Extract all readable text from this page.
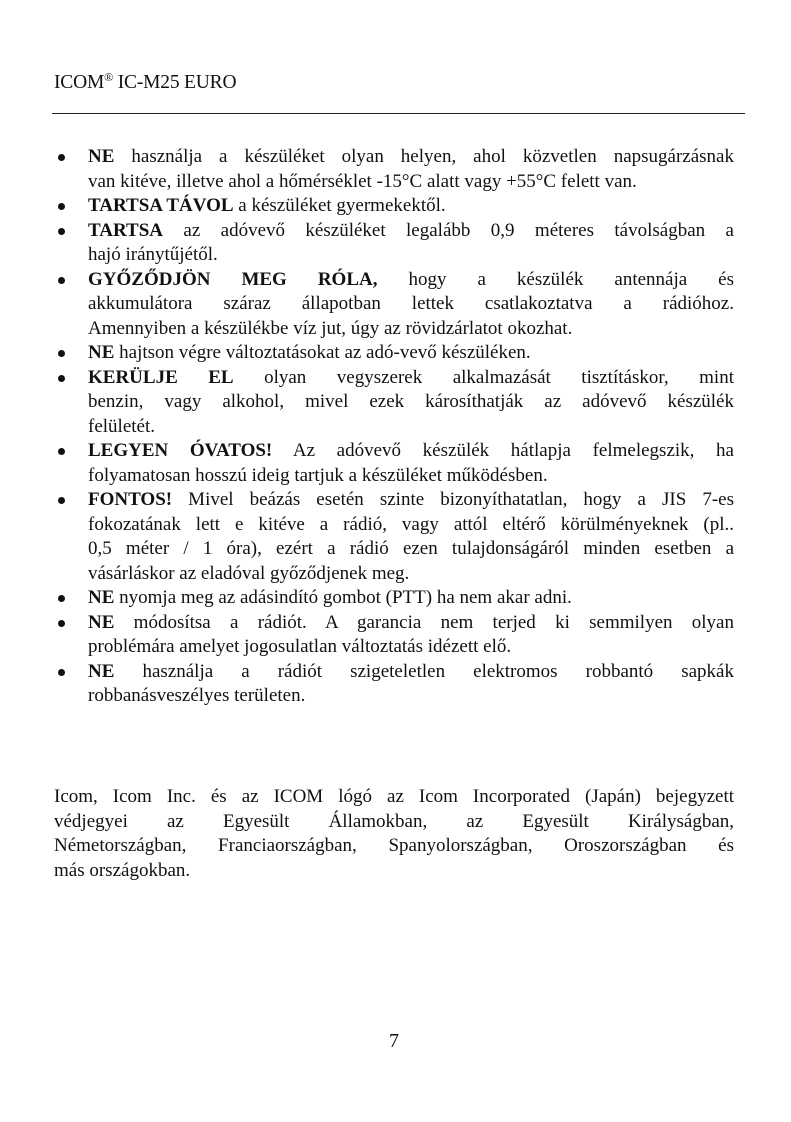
ICOM® IC-M25 EURO
NE használja a készüléket olyan helyen, ahol közvetlen napsugárzásnak
van kitéve, illetve ahol a hőmérséklet -15°C alatt vagy +55°C felett van.
TARTSA TÁVOL a készüléket gyermekektől.
TARTSA az adóvevő készüléket legalább 0,9 méteres távolságban a
hajó iránytűjétől.
GYŐZŐDJÖN MEG RÓLA, hogy a készülék antennája és
akkumulátora száraz állapotban lettek csatlakoztatva a rádióhoz.
Amennyiben a készülékbe víz jut, úgy az rövidzárlatot okozhat.
NE hajtson végre változtatásokat az adó-vevő készüléken.
KERÜLJE EL olyan vegyszerek alkalmazását tisztításkor, mint
benzin, vagy alkohol, mivel ezek károsíthatják az adóvevő készülék
felületét.
LEGYEN ÓVATOS! Az adóvevő készülék hátlapja felmelegszik, ha
folyamatosan hosszú ideig tartjuk a készüléket működésben.
FONTOS! Mivel beázás esetén szinte bizonyíthatatlan, hogy a JIS 7-es
fokozatának lett e kitéve a rádió, vagy attól eltérő körülményeknek (pl..
0,5 méter / 1 óra), ezért a rádió ezen tulajdonságáról minden esetben a
vásárláskor az eladóval győződjenek meg.
NE nyomja meg az adásindító gombot (PTT) ha nem akar adni.
NE módosítsa a rádiót. A garancia nem terjed ki semmilyen olyan
problémára amelyet jogosulatlan változtatás idézett elő.
NE használja a rádiót szigeteletlen elektromos robbantó sapkák
robbanásveszélyes területen.
Icom, Icom Inc. és az ICOM lógó az Icom Incorporated (Japán) bejegyzett
védjegyei az Egyesült Államokban, az Egyesült Királyságban,
Németországban, Franciaországban, Spanyolországban, Oroszországban és
más országokban.
7
